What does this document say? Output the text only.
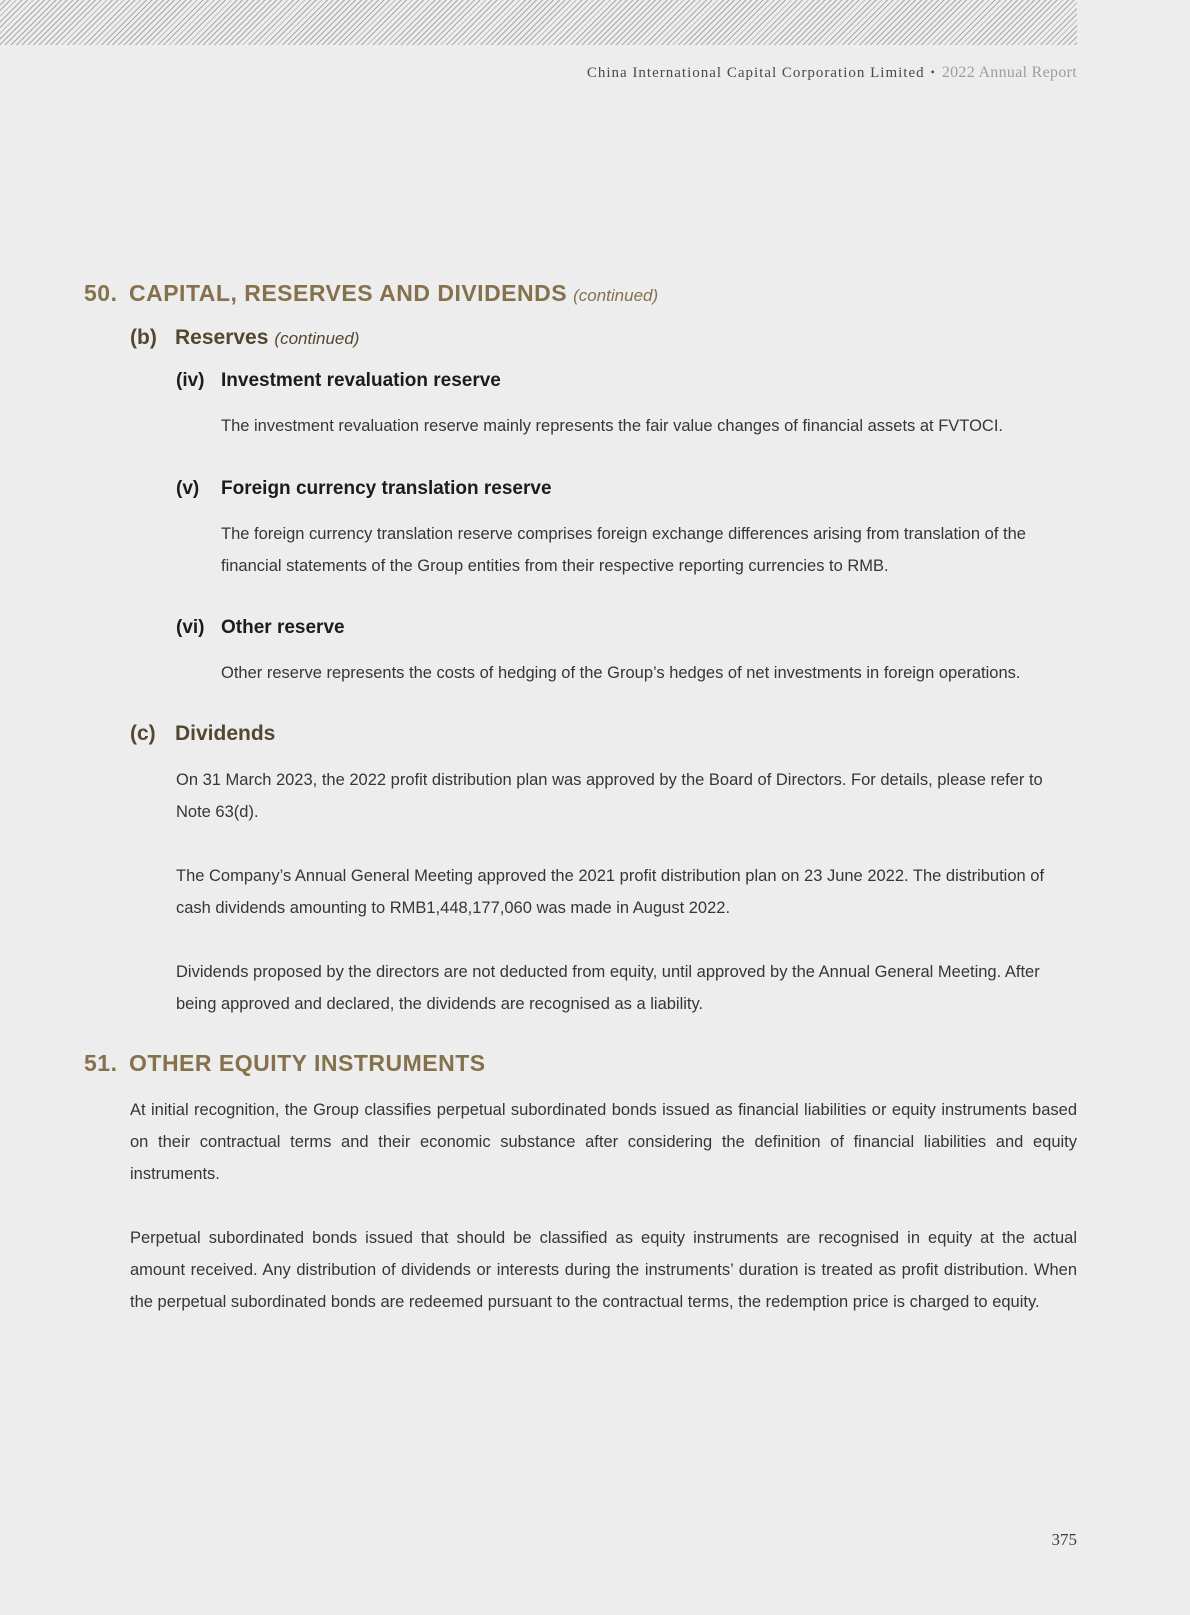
China International Capital Corporation Limited • 2022 Annual Report
50. CAPITAL, RESERVES AND DIVIDENDS (continued)
(b) Reserves (continued)
(iv) Investment revaluation reserve

The investment revaluation reserve mainly represents the fair value changes of financial assets at FVTOCI.

(v) Foreign currency translation reserve

The foreign currency translation reserve comprises foreign exchange differences arising from translation of the financial statements of the Group entities from their respective reporting currencies to RMB.

(vi) Other reserve

Other reserve represents the costs of hedging of the Group’s hedges of net investments in foreign operations.

(c) Dividends

On 31 March 2023, the 2022 profit distribution plan was approved by the Board of Directors. For details, please refer to Note 63(d).

The Company’s Annual General Meeting approved the 2021 profit distribution plan on 23 June 2022. The distribution of cash dividends amounting to RMB1,448,177,060 was made in August 2022.

Dividends proposed by the directors are not deducted from equity, until approved by the Annual General Meeting. After being approved and declared, the dividends are recognised as a liability.

51. OTHER EQUITY INSTRUMENTS

At initial recognition, the Group classifies perpetual subordinated bonds issued as financial liabilities or equity instruments based on their contractual terms and their economic substance after considering the definition of financial liabilities and equity instruments.

Perpetual subordinated bonds issued that should be classified as equity instruments are recognised in equity at the actual amount received. Any distribution of dividends or interests during the instruments’ duration is treated as profit distribution. When the perpetual subordinated bonds are redeemed pursuant to the contractual terms, the redemption price is charged to equity.

375
